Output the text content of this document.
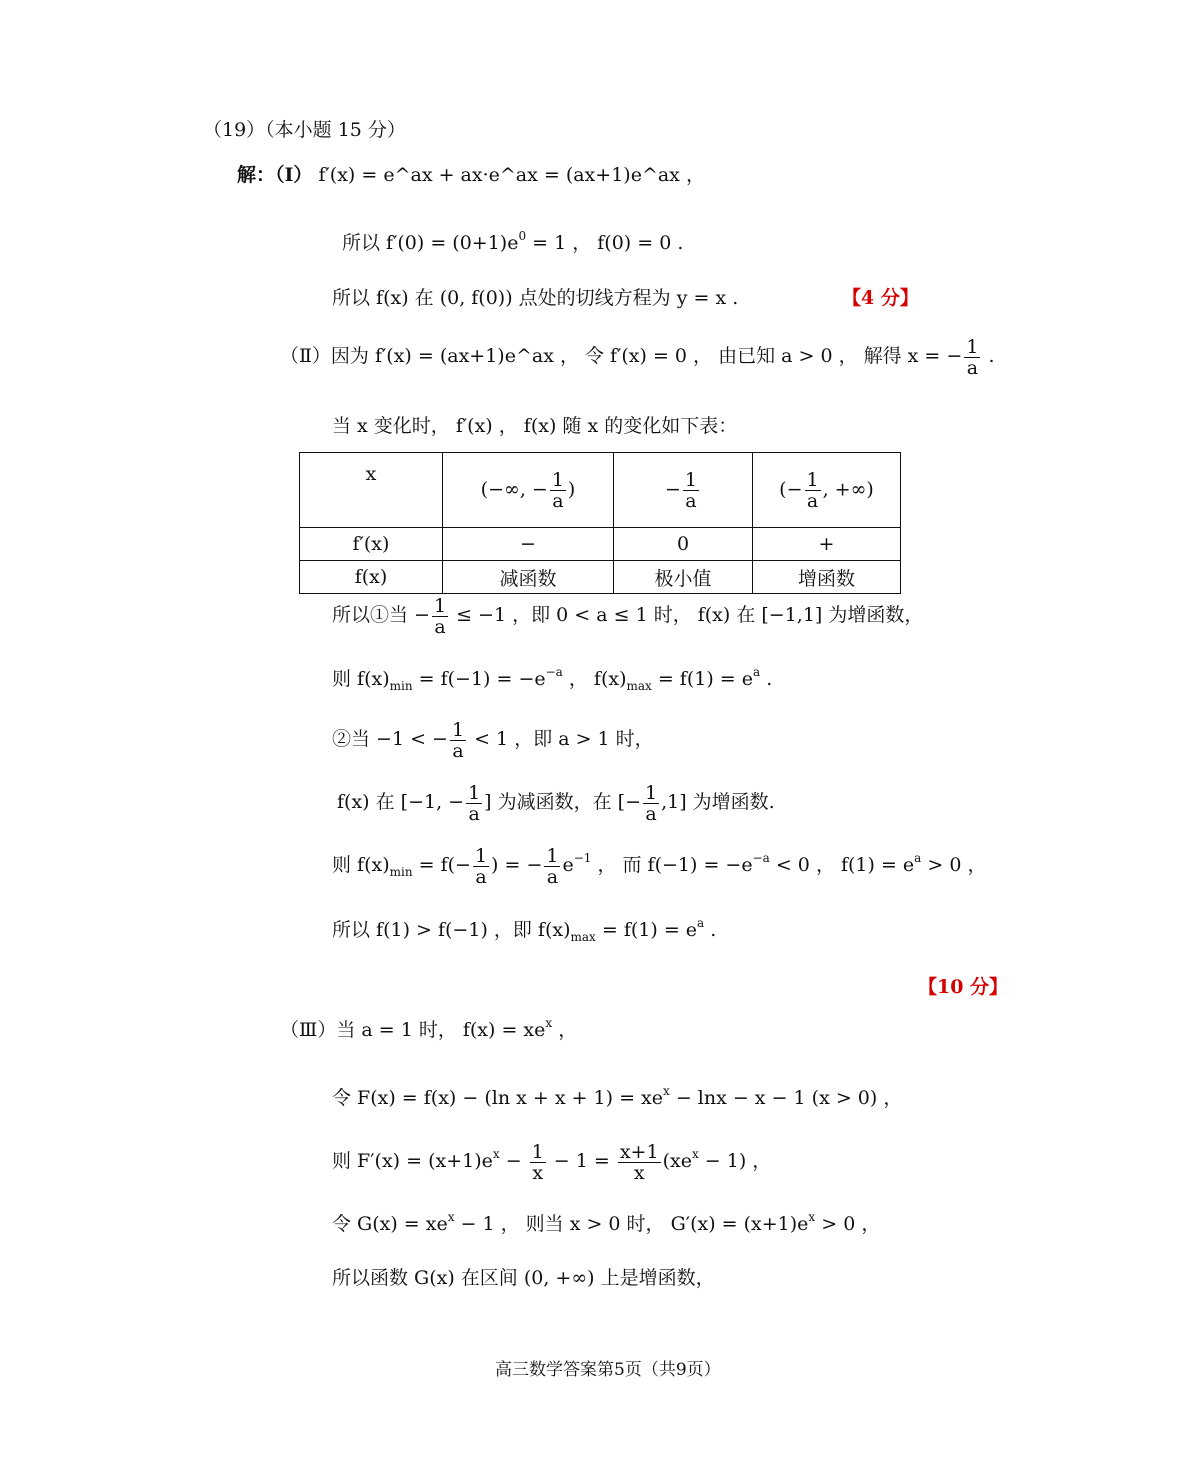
（19）（本小题 15 分）
解：（Ⅰ） f′(x) = e^ax + ax·e^ax = (ax+1)e^ax ，
所以 $f'(0) = (0+1)e^0 = 1$ ， f(0) = 0 .
所以 f(x) 在 (0, f(0)) 点处的切线方程为 y = x .	【4 分】
（Ⅱ）因为 f′(x) = (ax+1)e^ax ， 令 f′(x) = 0 ， 由已知 a > 0 ， 解得 x = − $\frac{1}{a}$ .
当 x 变化时， f′(x) ， f(x) 随 x 的变化如下表：
x	(−∞, − $\frac{1}{a}$ )	− $\frac{1}{a}$	(− $\frac{1}{a}$ , +∞)
f′(x)	−	0	+
f(x)	减函数	极小值	增函数
所以①当 − $\frac{1}{a} \le -1$ ，即 0 < a ≤ 1 时， f(x) 在 [−1,1] 为增函数，
则 $f(x)_{min} = f(-1) = -e^{-a}$ ， $f(x)_{max} = f(1) = e^a$ .
②当 −1 < − $\frac{1}{a} < 1$ ，即 a > 1 时，
f(x) 在 [−1, − $\frac{1}{a}$ ] 为减函数，在 [− $\frac{1}{a} ,1$] 为增函数.
则 $f(x)_{min} = f(- \frac{1}{a}$ ) = − $\frac{1}{a} e^{-1}$ ， 而 $f(-1) = -e^{-a} < 0$ ， $f(1) = e^a > 0$ ，
所以 f(1) > f(−1) ，即 $f(x)_{max} = f(1) = e^a$ .
【10 分】
（Ⅲ）当 a = 1 时， $f(x) = xe^x$ ，
令 F(x) = f(x) − (ln $x + x + 1) = xe^x - \ln x - x - 1$ (x > 0) ，
则 $F'(x) = (x+1)e^x - \frac{1}{x} - 1 = \frac{x+1}{x} (xe^x - 1)$ ，
令 $G(x) = xe^x - 1$ ， 则当 x > 0 时， $G'(x) = (x+1)e^x > 0$ ，
所以函数 G(x) 在区间 (0, +∞) 上是增函数，
高三数学答案第5页（共9页）
